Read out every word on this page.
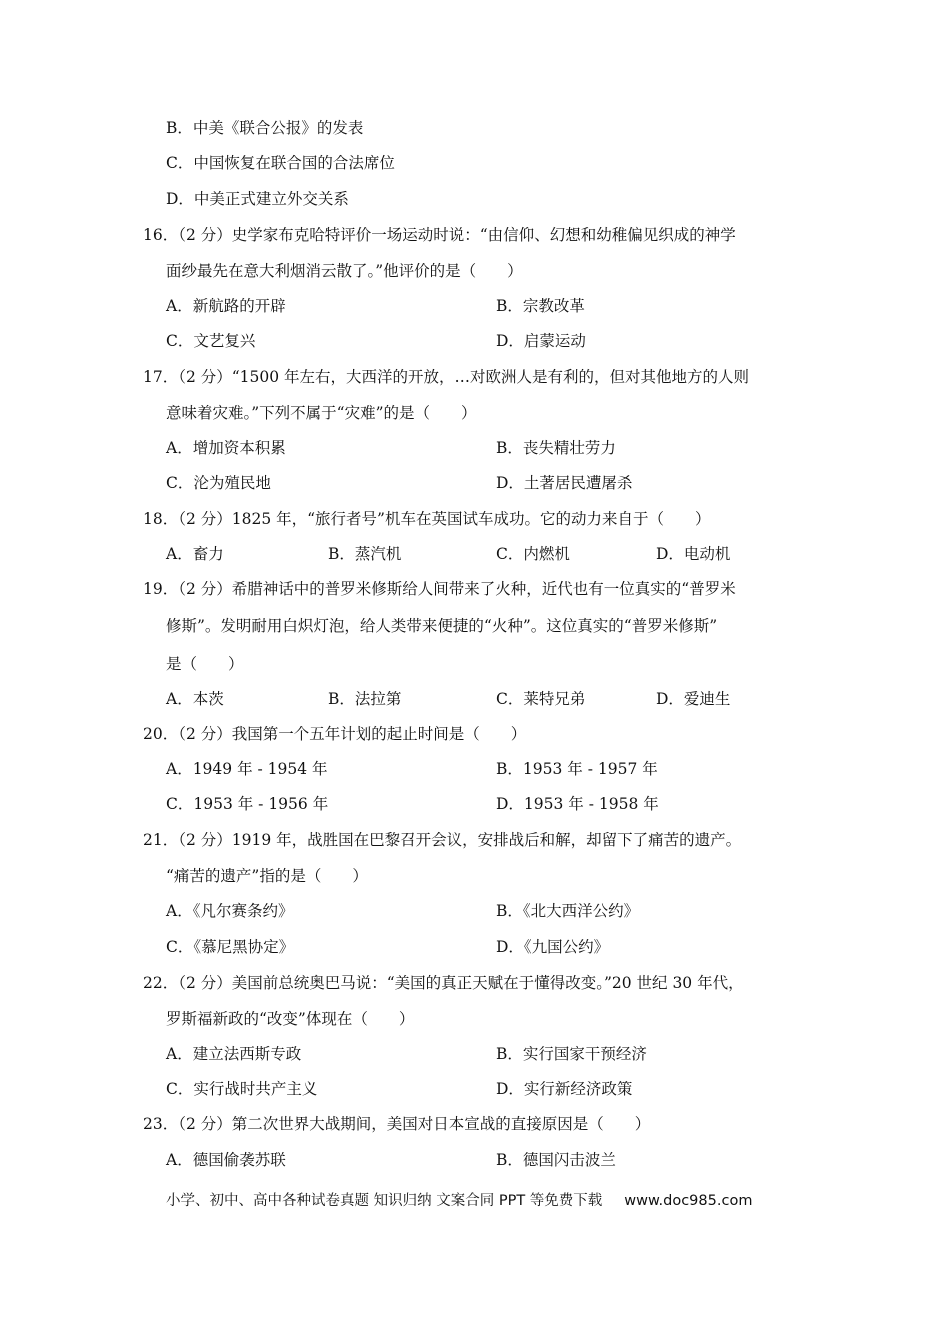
B．中美《联合公报》的发表
C．中国恢复在联合国的合法席位
D．中美正式建立外交关系
16．（2 分）史学家布克哈特评价一场运动时说：“由信仰、幻想和幼稚偏见织成的神学
面纱最先在意大利烟消云散了。”他评价的是（　　）
A．新航路的开辟	B．宗教改革
C．文艺复兴	D．启蒙运动
17．（2 分）“1500 年左右，大西洋的开放，…对欧洲人是有利的，但对其他地方的人则
意味着灾难。”下列不属于“灾难”的是（　　）
A．增加资本积累	B．丧失精壮劳力
C．沦为殖民地	D．土著居民遭屠杀
18．（2 分）1825 年，“旅行者号”机车在英国试车成功。它的动力来自于（　　）
A．畜力	B．蒸汽机	C．内燃机	D．电动机
19．（2 分）希腊神话中的普罗米修斯给人间带来了火种，近代也有一位真实的“普罗米
修斯”。发明耐用白炽灯泡，给人类带来便捷的“火种”。这位真实的“普罗米修斯”
是（　　）
A．本茨	B．法拉第	C．莱特兄弟	D．爱迪生
20．（2 分）我国第一个五年计划的起止时间是（　　）
A．1949 年 - 1954 年	B．1953 年 - 1957 年
C．1953 年 - 1956 年	D．1953 年 - 1958 年
21．（2 分）1919 年，战胜国在巴黎召开会议，安排战后和解，却留下了痛苦的遗产。
“痛苦的遗产”指的是（　　）
A．《凡尔赛条约》	B．《北大西洋公约》
C．《慕尼黑协定》	D．《九国公约》
22．（2 分）美国前总统奥巴马说：“美国的真正天赋在于懂得改变。”20 世纪 30 年代，
罗斯福新政的“改变”体现在（　　）
A．建立法西斯专政	B．实行国家干预经济
C．实行战时共产主义	D．实行新经济政策
23．（2 分）第二次世界大战期间，美国对日本宣战的直接原因是（　　）
A．德国偷袭苏联	B．德国闪击波兰
小学、初中、高中各种试卷真题 知识归纳 文案合同 PPT 等免费下载 www.doc985.com
